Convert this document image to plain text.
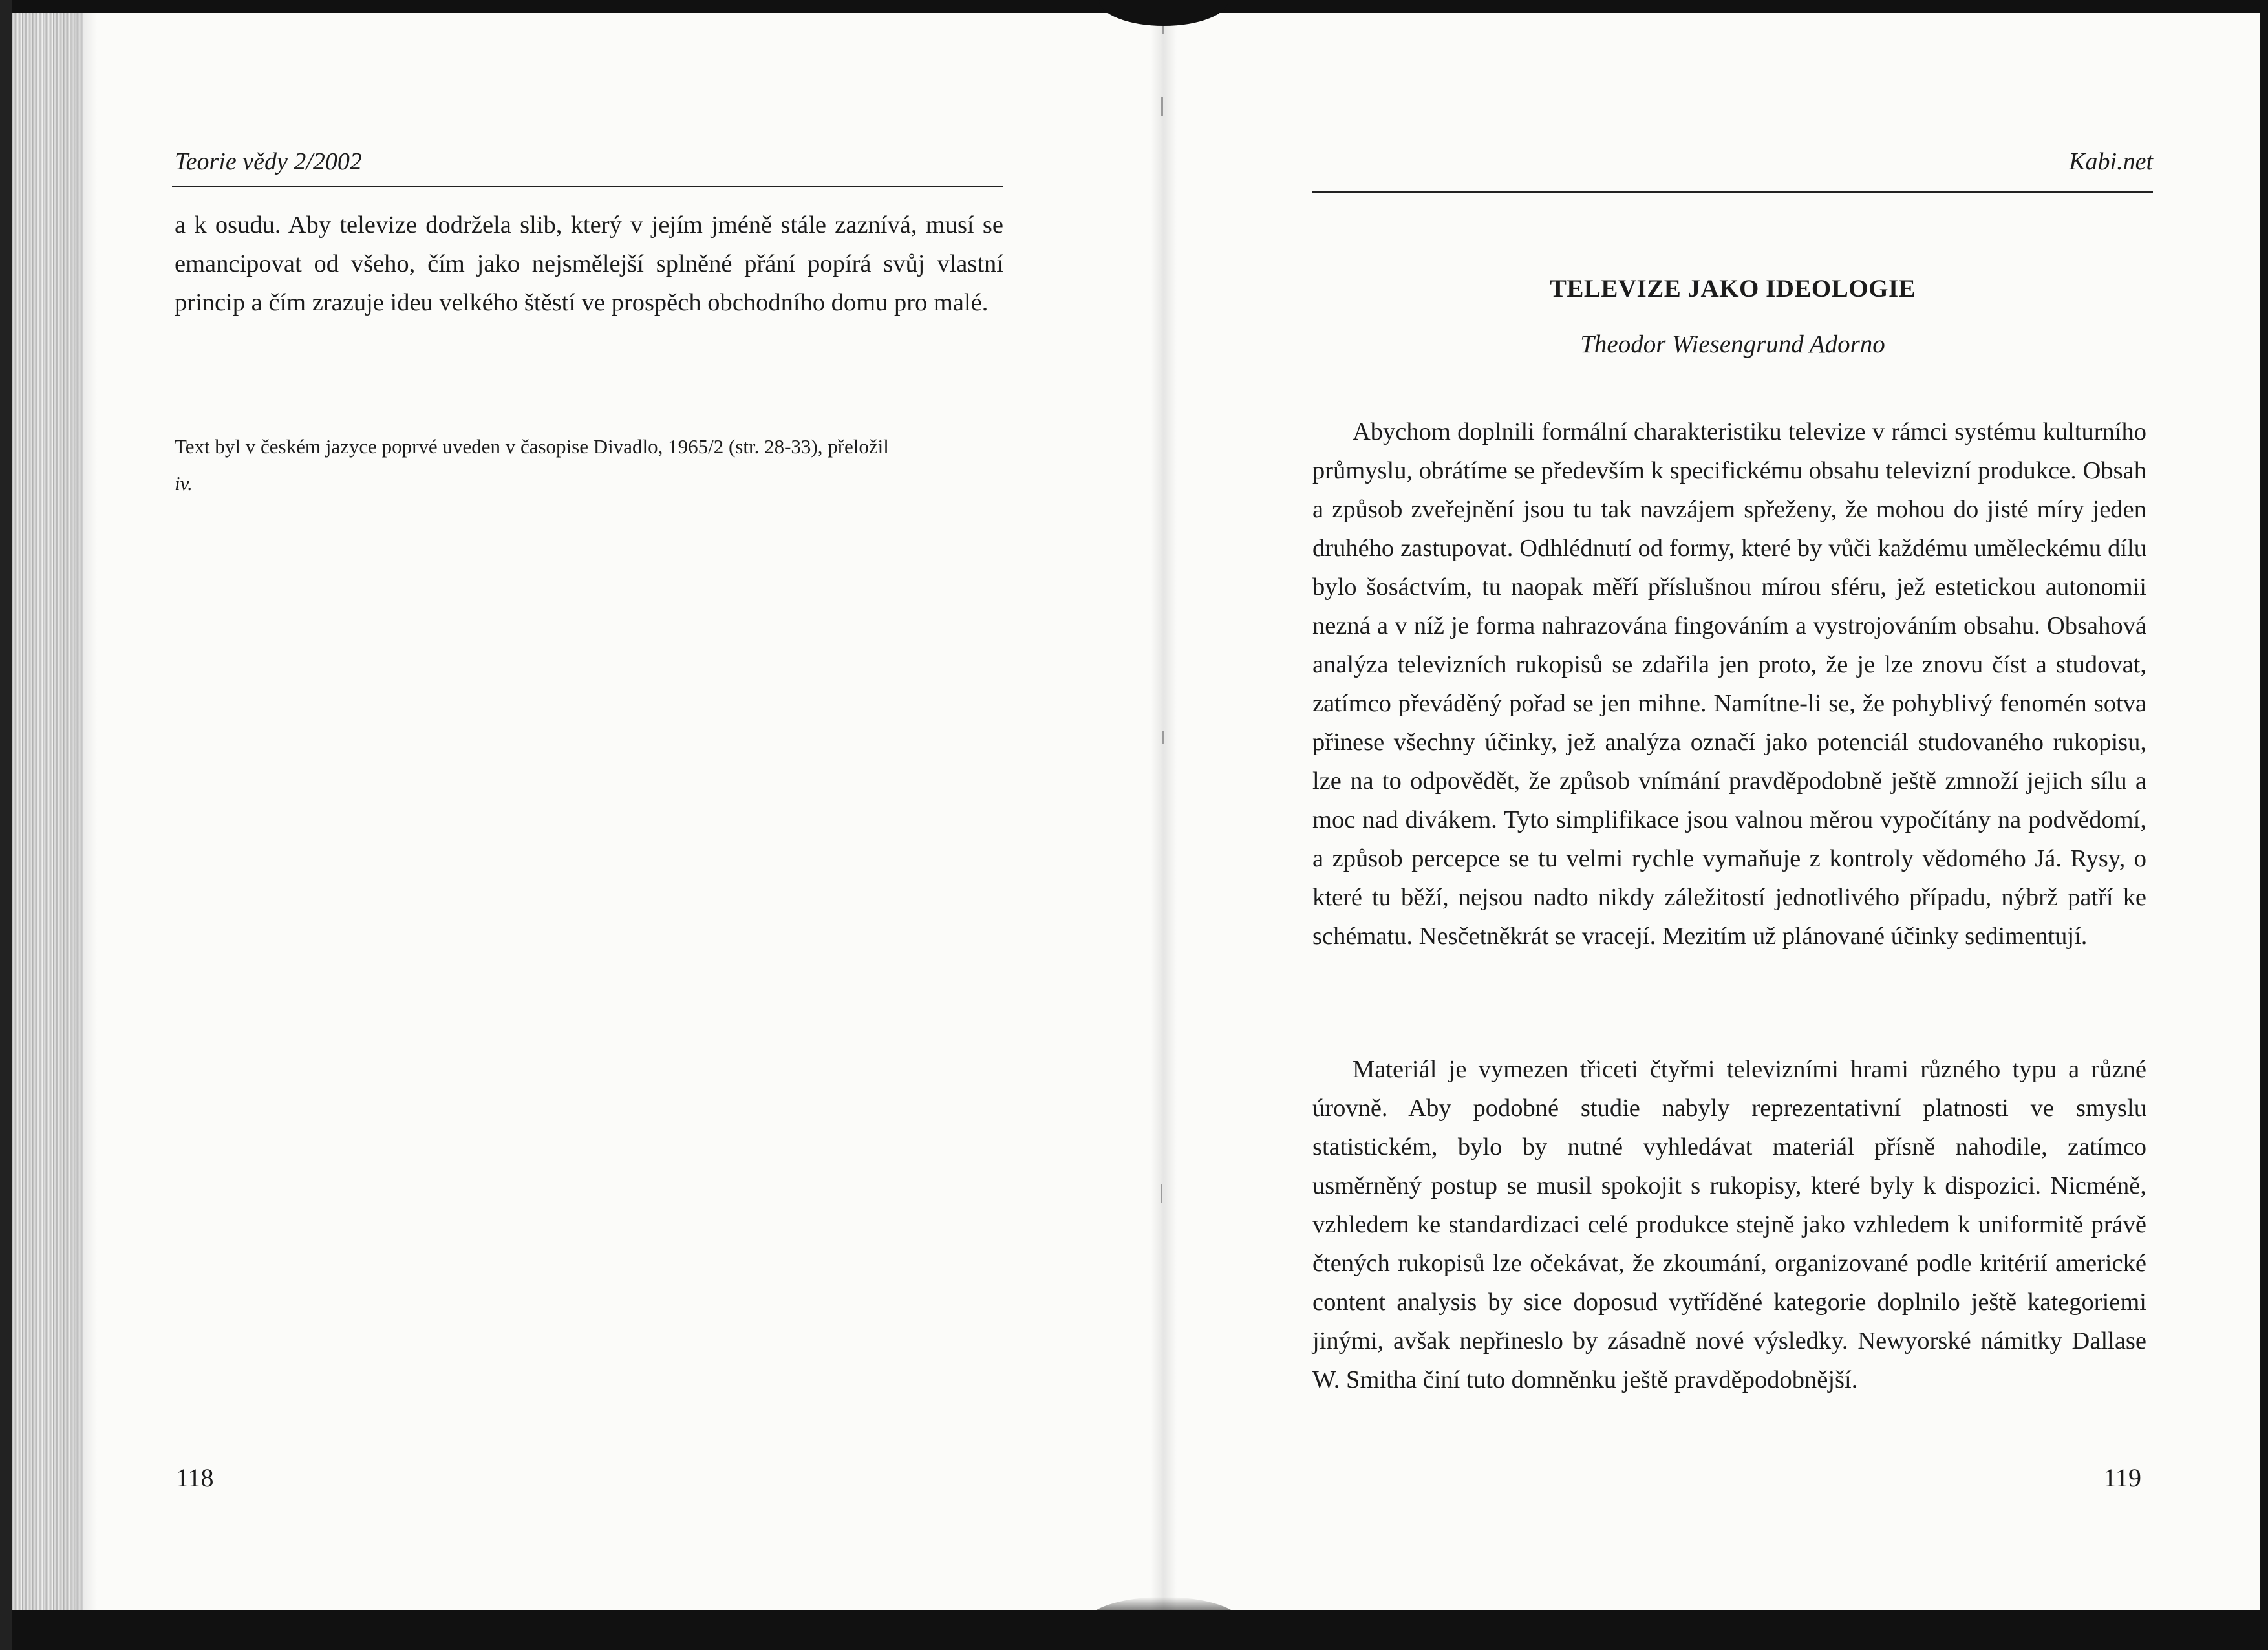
Teorie vědy 2/2002

a k osudu. Aby televize dodržela slib, který v jejím jméně stále zaznívá, musí se emancipovat od všeho, čím jako nejsmělejší splněné přání popírá svůj vlastní princip a čím zrazuje ideu velkého štěstí ve prospěch obchodního domu pro malé.

Text byl v českém jazyce poprvé uveden v časopise Divadlo, 1965/2 (str. 28-33), přeložil
iv.

118
Kabi.net
TELEVIZE JAKO IDEOLOGIE
Theodor Wiesengrund Adorno

Abychom doplnili formální charakteristiku televize v rámci systému kulturního průmyslu, obrátíme se především k specifickému obsahu televizní produkce. Obsah a způsob zveřejnění jsou tu tak navzájem spřeženy, že mohou do jisté míry jeden druhého zastupovat. Odhlédnutí od formy, které by vůči každému uměleckému dílu bylo šosáctvím, tu naopak měří příslušnou mírou sféru, jež estetickou autonomii nezná a v níž je forma nahrazována fingováním a vystrojováním obsahu. Obsahová analýza televizních rukopisů se zdařila jen proto, že je lze znovu číst a studovat, zatímco převáděný pořad se jen mihne. Namítne-li se, že pohyblivý fenomén sotva přinese všechny účinky, jež analýza označí jako potenciál studovaného rukopisu, lze na to odpovědět, že způsob vnímání pravděpodobně ještě zmnoží jejich sílu a moc nad divákem. Tyto simplifikace jsou valnou měrou vypočítány na podvědomí, a způsob percepce se tu velmi rychle vymaňuje z kontroly vědomého Já. Rysy, o které tu běží, nejsou nadto nikdy záležitostí jednotlivého případu, nýbrž patří ke schématu. Nesčetněkrát se vracejí. Mezitím už plánované účinky sedimentují.

Materiál je vymezen třiceti čtyřmi televizními hrami různého typu a různé úrovně. Aby podobné studie nabyly reprezentativní platnosti ve smyslu statistickém, bylo by nutné vyhledávat materiál přísně nahodile, zatímco usměrněný postup se musil spokojit s rukopisy, které byly k dispozici. Nicméně, vzhledem ke standardizaci celé produkce stejně jako vzhledem k uniformitě právě čtených rukopisů lze očekávat, že zkoumání, organizované podle kritérií americké content analysis by sice doposud vytříděné kategorie doplnilo ještě kategoriemi jinými, avšak nepřineslo by zásadně nové výsledky. Newyorské námitky Dallase W. Smitha činí tuto domněnku ještě pravděpodobnější.

119
